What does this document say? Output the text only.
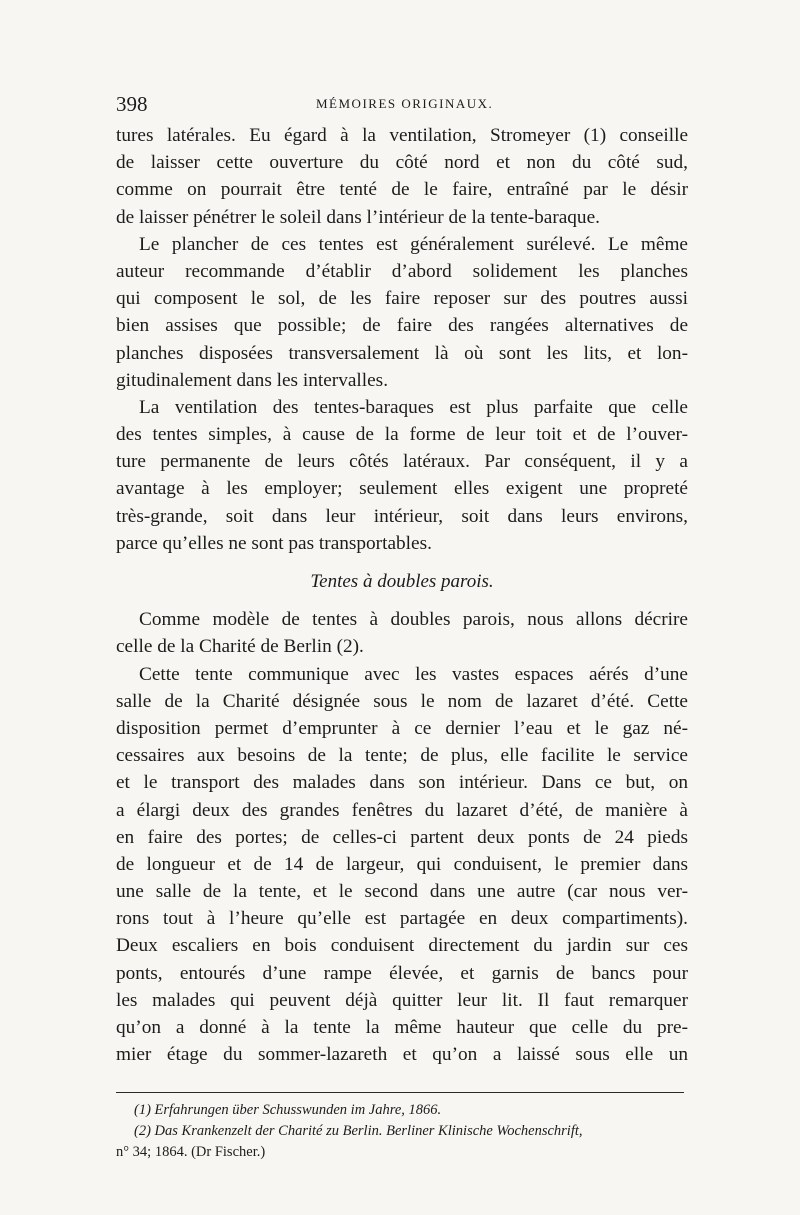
398	MÉMOIRES ORIGINAUX.
tures latérales. Eu égard à la ventilation, Stromeyer (1) conseille
de laisser cette ouverture du côté nord et non du côté sud,
comme on pourrait être tenté de le faire, entraîné par le désir
de laisser pénétrer le soleil dans l’intérieur de la tente-baraque.
Le plancher de ces tentes est généralement surélevé. Le même
auteur recommande d’établir d’abord solidement les planches
qui composent le sol, de les faire reposer sur des poutres aussi
bien assises que possible; de faire des rangées alternatives de
planches disposées transversalement là où sont les lits, et lon-
gitudinalement dans les intervalles.
La ventilation des tentes-baraques est plus parfaite que celle
des tentes simples, à cause de la forme de leur toit et de l’ouver-
ture permanente de leurs côtés latéraux. Par conséquent, il y a
avantage à les employer; seulement elles exigent une propreté
très-grande, soit dans leur intérieur, soit dans leurs environs,
parce qu’elles ne sont pas transportables.
Tentes à doubles parois.
Comme modèle de tentes à doubles parois, nous allons décrire
celle de la Charité de Berlin (2).
Cette tente communique avec les vastes espaces aérés d’une
salle de la Charité désignée sous le nom de lazaret d’été. Cette
disposition permet d’emprunter à ce dernier l’eau et le gaz né-
cessaires aux besoins de la tente; de plus, elle facilite le service
et le transport des malades dans son intérieur. Dans ce but, on
a élargi deux des grandes fenêtres du lazaret d’été, de manière à
en faire des portes; de celles-ci partent deux ponts de 24 pieds
de longueur et de 14 de largeur, qui conduisent, le premier dans
une salle de la tente, et le second dans une autre (car nous ver-
rons tout à l’heure qu’elle est partagée en deux compartiments).
Deux escaliers en bois conduisent directement du jardin sur ces
ponts, entourés d’une rampe élevée, et garnis de bancs pour
les malades qui peuvent déjà quitter leur lit. Il faut remarquer
qu’on a donné à la tente la même hauteur que celle du pre-
mier étage du sommer-lazareth et qu’on a laissé sous elle un
(1) Erfahrungen über Schusswunden im Jahre, 1866.
(2) Das Krankenzelt der Charité zu Berlin. Berliner Klinische Wochenschrift,
n° 34; 1864. (Dr Fischer.)
